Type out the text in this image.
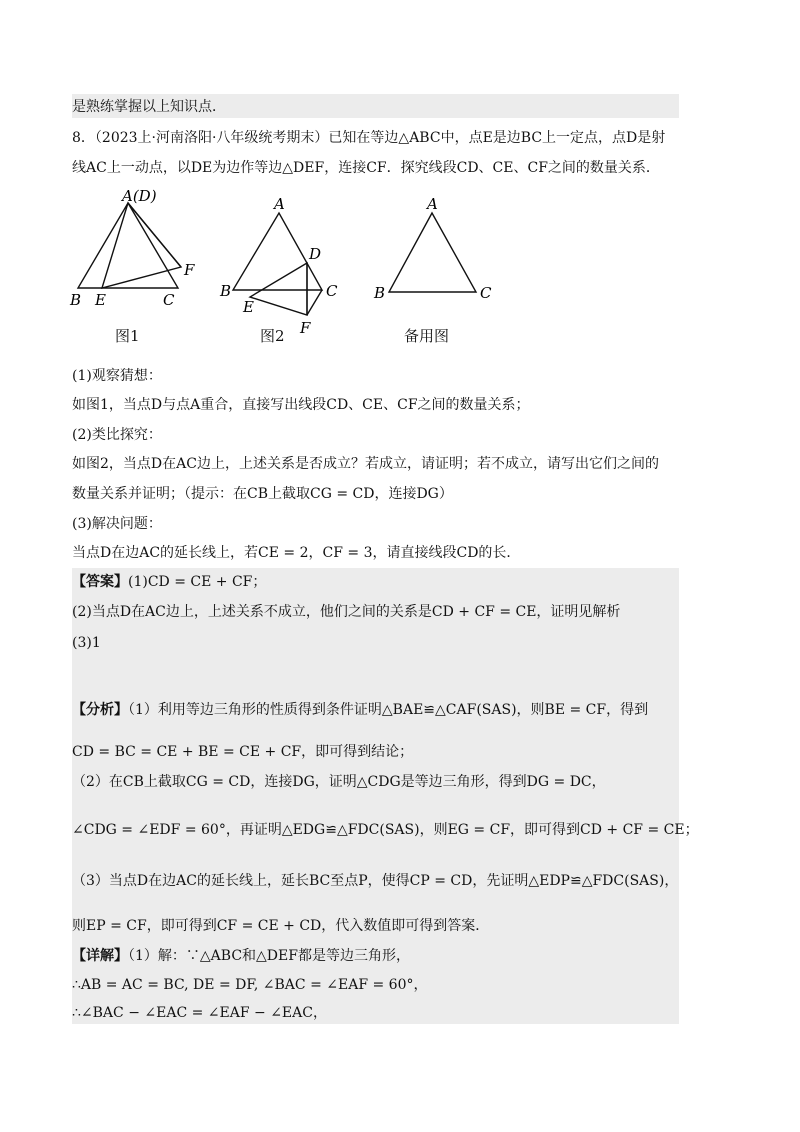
是熟练掌握以上知识点．
8．（2023上·河南洛阳·八年级统考期末）已知在等边△ABC中，点E是边BC上一定点，点D是射
线AC上一动点，以DE为边作等边△DEF，连接CF．探究线段CD、CE、CF之间的数量关系．
A(D)
B E	C
F
图1
A
B
E
C
D
F
图2
A
B	C
备用图
(1)观察猜想：
如图1，当点D与点A重合，直接写出线段CD、CE、CF之间的数量关系；
(2)类比探究：
如图2，当点D在AC边上，上述关系是否成立？若成立，请证明；若不成立，请写出它们之间的
数量关系并证明；（提示：在CB上截取CG = CD，连接DG）
(3)解决问题：
当点D在边AC的延长线上，若CE = 2，CF = 3，请直接线段CD的长．
【答案】(1)CD = CE + CF；
(2)当点D在AC边上，上述关系不成立，他们之间的关系是CD + CF = CE，证明见解析
(3)1
【分析】（1）利用等边三角形的性质得到条件证明△BAE≌△CAF(SAS)，则BE = CF，得到
CD = BC = CE + BE = CE + CF，即可得到结论；
（2）在CB上截取CG = CD，连接DG，证明△CDG是等边三角形，得到DG = DC，
∠CDG = ∠EDF = 60°，再证明△EDG≌△FDC(SAS)，则EG = CF，即可得到CD + CF = CE；
（3）当点D在边AC的延长线上，延长BC至点P，使得CP = CD，先证明△EDP≌△FDC(SAS)，
则EP = CF，即可得到CF = CE + CD，代入数值即可得到答案．
【详解】（1）解：∵△ABC和△DEF都是等边三角形，
∴AB = AC = BC, DE = DF, ∠BAC = ∠EAF = 60°，
∴∠BAC − ∠EAC = ∠EAF − ∠EAC，
